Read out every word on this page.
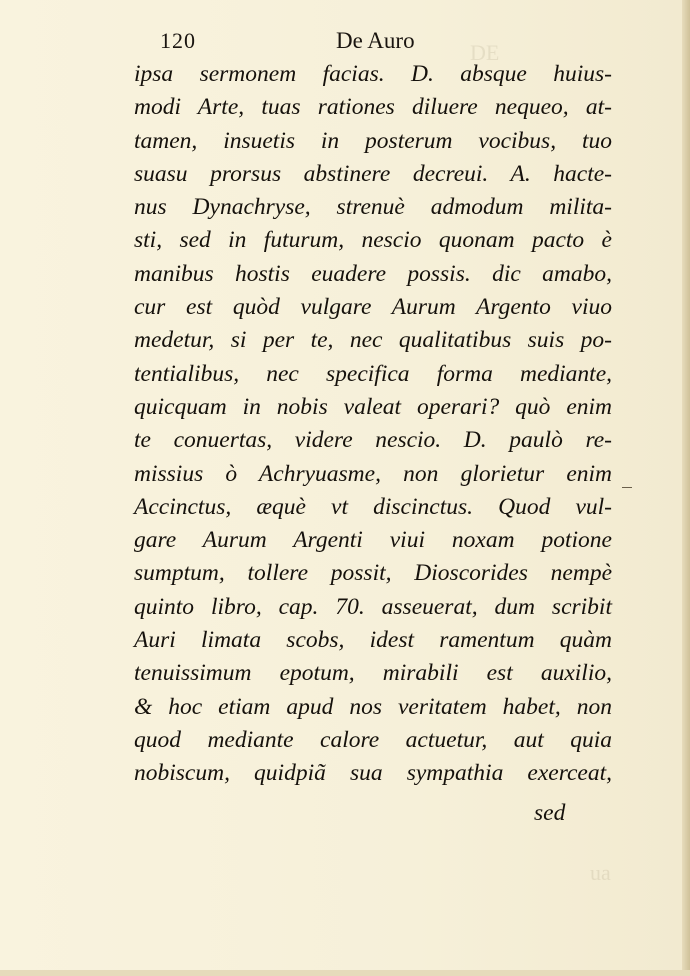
DE
ua
120	De Auro
ipsa sermonem facias. D. absque huius-
modi Arte, tuas rationes diluere nequeo, at-
tamen, insuetis in posterum vocibus, tuo
suasu prorsus abstinere decreui. A. hacte-
nus Dynachryse, strenuè admodum milita-
sti, sed in futurum, nescio quonam pacto è
manibus hostis euadere possis. dic amabo,
cur est quòd vulgare Aurum Argento viuo
medetur, si per te, nec qualitatibus suis po-
tentialibus, nec specifica forma mediante,
quicquam in nobis valeat operari? quò enim
te conuertas, videre nescio. D. paulò re-
missius ò Achryuasme, non glorietur enim
Accinctus, æquè vt discinctus. Quod vul-
gare Aurum Argenti viui noxam potione
sumptum, tollere possit, Dioscorides nempè
quinto libro, cap. 70. asseuerat, dum scribit
Auri limata scobs, idest ramentum quàm
tenuissimum epotum, mirabili est auxilio,
& hoc etiam apud nos veritatem habet, non
quod mediante calore actuetur, aut quia
nobiscum, quidpiã sua sympathia exerceat,
sed
